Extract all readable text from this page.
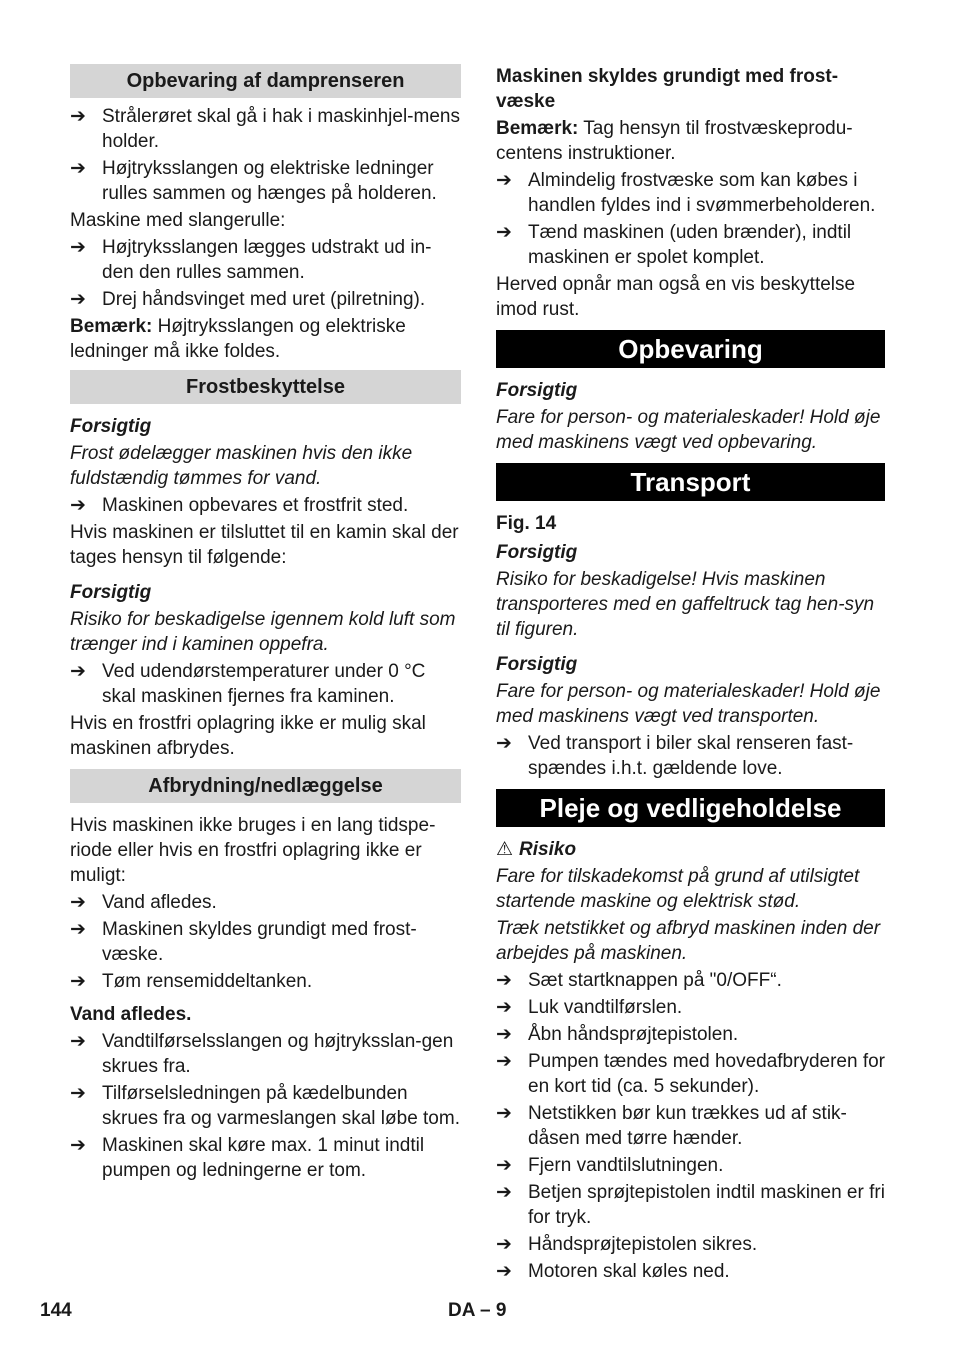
Opbevaring af damprenseren
➔ Strålerøret skal gå i hak i maskinhjel-mens holder.
➔ Højtryksslangen og elektriske ledninger rulles sammen og hænges på holderen.

Maskine med slangerulle:

➔ Højtryksslangen lægges udstrakt ud in-den den rulles sammen.
➔ Drej håndsvinget med uret (pilretning).

Bemærk: Højtryksslangen og elektriske ledninger må ikke foldes.

Frostbeskyttelse

Forsigtig

Frost ødelægger maskinen hvis den ikke fuldstændig tømmes for vand.

➔ Maskinen opbevares et frostfrit sted.

Hvis maskinen er tilsluttet til en kamin skal der tages hensyn til følgende:

Forsigtig

Risiko for beskadigelse igennem kold luft som trænger ind i kaminen oppefra.

➔ Ved udendørstemperaturer under 0 °C skal maskinen fjernes fra kaminen.

Hvis en frostfri oplagring ikke er mulig skal maskinen afbrydes.

Afbrydning/nedlæggelse

Hvis maskinen ikke bruges i en lang tidspe-riode eller hvis en frostfri oplagring ikke er muligt:

➔ Vand afledes.
➔ Maskinen skyldes grundigt med frost-væske.
➔ Tøm rensemiddeltanken.

Vand afledes.

➔ Vandtilførselsslangen og højtryksslan-gen skrues fra.
➔ Tilførselsledningen på kædelbunden skrues fra og varmeslangen skal løbe tom.
➔ Maskinen skal køre max. 1 minut indtil pumpen og ledningerne er tom.

Maskinen skyldes grundigt med frost-væske

Bemærk: Tag hensyn til frostvæskeprodu-centens instruktioner.

➔ Almindelig frostvæske som kan købes i handlen fyldes ind i svømmerbeholderen.
➔ Tænd maskinen (uden brænder), indtil maskinen er spolet komplet.

Herved opnår man også en vis beskyttelse imod rust.

Opbevaring

Forsigtig

Fare for person- og materialeskader! Hold øje med maskinens vægt ved opbevaring.

Transport

Fig. 14

Forsigtig

Risiko for beskadigelse! Hvis maskinen transporteres med en gaffeltruck tag hen-syn til figuren.

Forsigtig

Fare for person- og materialeskader! Hold øje med maskinens vægt ved transporten.

➔ Ved transport i biler skal renseren fast-spændes i.h.t. gældende love.
Pleje og vedligeholdelse

⚠ Risiko

Fare for tilskadekomst på grund af utilsigtet startende maskine og elektrisk stød.

Træk netstikket og afbryd maskinen inden der arbejdes på maskinen.

➔ Sæt startknappen på "0/OFF“.
➔ Luk vandtilførslen.
➔ Åbn håndsprøjtepistolen.
➔ Pumpen tændes med hovedafbryderen for en kort tid (ca. 5 sekunder).
➔ Netstikken bør kun trækkes ud af stik-dåsen med tørre hænder.
➔ Fjern vandtilslutningen.
➔ Betjen sprøjtepistolen indtil maskinen er fri for tryk.
➔ Håndsprøjtepistolen sikres.
➔ Motoren skal køles ned.
144	DA – 9
